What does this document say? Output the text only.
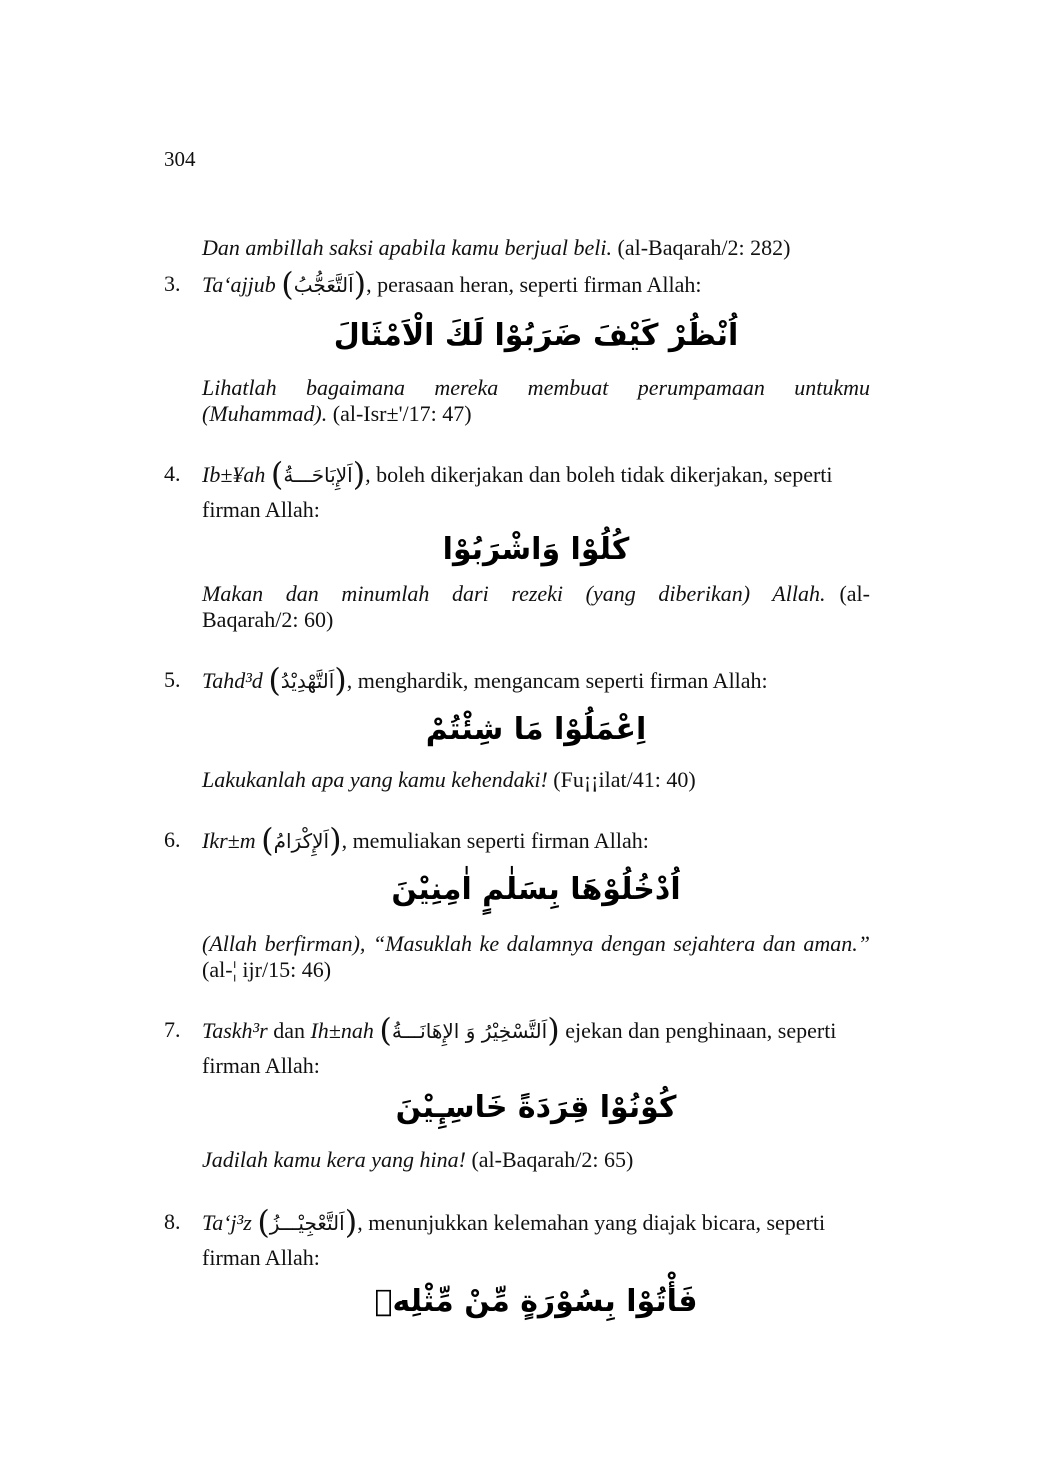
304
Dan ambillah saksi apabila kamu berjual beli. (al-Baqarah/2: 282)
3. Ta‘ajjub (اَلتَّعَجُّبُ), perasaan heran, seperti firman Allah:
اُنْظُرْ كَيْفَ ضَرَبُوْا لَكَ الْاَمْثَالَ
Lihatlah bagaimana mereka membuat perumpamaan untukmu
(Muhammad). (al-Isr±'/17: 47)
4. Ib±¥ah (اَلإِبَاحَـــةُ), boleh dikerjakan dan boleh tidak dikerjakan, seperti
firman Allah:
كُلُوْا وَاشْرَبُوْا
Makan dan minumlah dari rezeki (yang diberikan) Allah. (al-
Baqarah/2: 60)
5. Tahd³d (اَلتَّهْدِيْدُ), menghardik, mengancam seperti firman Allah:
اِعْمَلُوْا مَا شِئْتُمْ
Lakukanlah apa yang kamu kehendaki! (Fu¡¡ilat/41: 40)
6. Ikr±m (اَلإِكْرَامُ), memuliakan seperti firman Allah:
اُدْخُلُوْهَا بِسَلٰمٍ اٰمِنِيْنَ
(Allah berfirman), “Masuklah ke dalamnya dengan sejahtera dan aman.”
(al-¦ ijr/15: 46)
7. Taskh³r dan Ih±nah (اَلتَّسْخِيْرُ وَ الإِهَانَـــةُ) ejekan dan penghinaan, seperti
firman Allah:
كُوْنُوْا قِرَدَةً خَاسِـِٕيْنَ
Jadilah kamu kera yang hina! (al-Baqarah/2: 65)
8. Ta‘j³z (اَلتَّعْجِيْـــزُ), menunjukkan kelemahan yang diajak bicara, seperti
firman Allah:
فَأْتُوْا بِسُوْرَةٍ مِّنْ مِّثْلِهٖ
